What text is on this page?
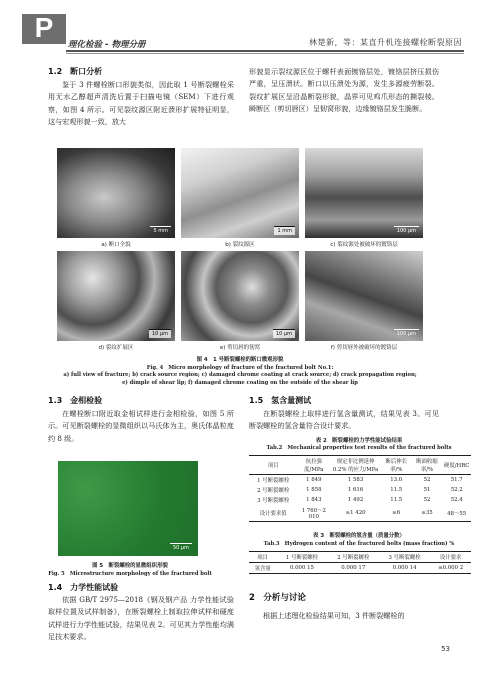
P
理化检验 - 物理分册	林楚新，等：某直升机连接螺栓断裂原因
1.2　断口分析
鉴于 3 件螺栓断口形貌类似，因此取 1 号断裂螺栓采用无水乙醇超声清洗后置于扫描电镜（SEM）下进行观察，如图 4 所示。可见裂纹源区附近溃形扩展特征明显，这与宏观形貌一致，放大
形貌显示裂纹源区位于螺杆表面镀铬层处，镀铬层挤压损伤严重，呈压溃状。断口以压溃处为源，发生多源疲劳断裂。裂纹扩展区呈沿晶断裂形貌，晶界可见鸡爪形态的撕裂棱。瞬断区（剪切唇区）呈韧窝形貌，边缘镀铬层发生脆断。
5 mm	1 mm	100 μm
a) 断口全貌	b) 裂纹源区	c) 裂纹源处被破坏的镀铬层
10 μm	10 μm	100 μm
d) 裂纹扩展区	e) 剪切唇的韧窝	f) 剪切唇外被破坏的镀铬层
图 4　1 号断裂螺栓的断口微观形貌
Fig. 4　Micro morphology of fracture of the fractured bolt No.1:
a) full view of fracture; b) crack source region; c) damaged chrome coating at crack source; d) crack propagation region;
e) dimple of shear lip; f) damaged chrome coating on the outside of the shear lip
1.3　金相检验
在螺栓断口附近取金相试样进行金相检验，如图 5 所示。可见断裂螺栓的显微组织以马氏体为主，奥氏体晶粒度约 8 级。
50 μm
图 5　断裂螺栓的显微组织形貌
Fig. 5　Microstructure morphology of the fractured bolt
1.4　力学性能试验
依据 GB/T 2975—2018《钢及钢产品 力学性能试验取样位置及试样制备》，在断裂螺栓上制取拉伸试样和硬度试样进行力学性能试验，结果见表 2。可见其力学性能均满足技术要求。
1.5　氢含量测试
在断裂螺栓上取样进行氢含量测试，结果见表 3。可见断裂螺栓的氢含量符合设计要求。
表 2　断裂螺栓的力学性能试验结果
Tab.2　Mechanical properties test results of the fractured bolts
项目	抗拉强度/MPa	规定非比例延伸 0.2% 的应力/MPa	断后伸长率/%	断面收缩率/%	硬度/HRC
1 号断裂螺栓	1 849	1 583	13.0	52	51.7
2 号断裂螺栓	1 858	1 616	11.5	51	52.2
3 号断裂螺栓	1 843	1 492	11.5	52	52.4
设计要求值	1 760～2 010	≥1 420	≥6	≥35	48～55
表 3　断裂螺栓的氢含量（质量分数）
Tab.3　Hydrogen content of the fractured bolts (mass fraction) %
项目	1 号断裂螺栓	2 号断裂螺栓	3 号断裂螺栓	设计要求
氢含量	0.000 15	0.000 17	0.000 14	≤0.000 2
2　分析与讨论
根据上述理化检验结果可知，3 件断裂螺栓的
53
